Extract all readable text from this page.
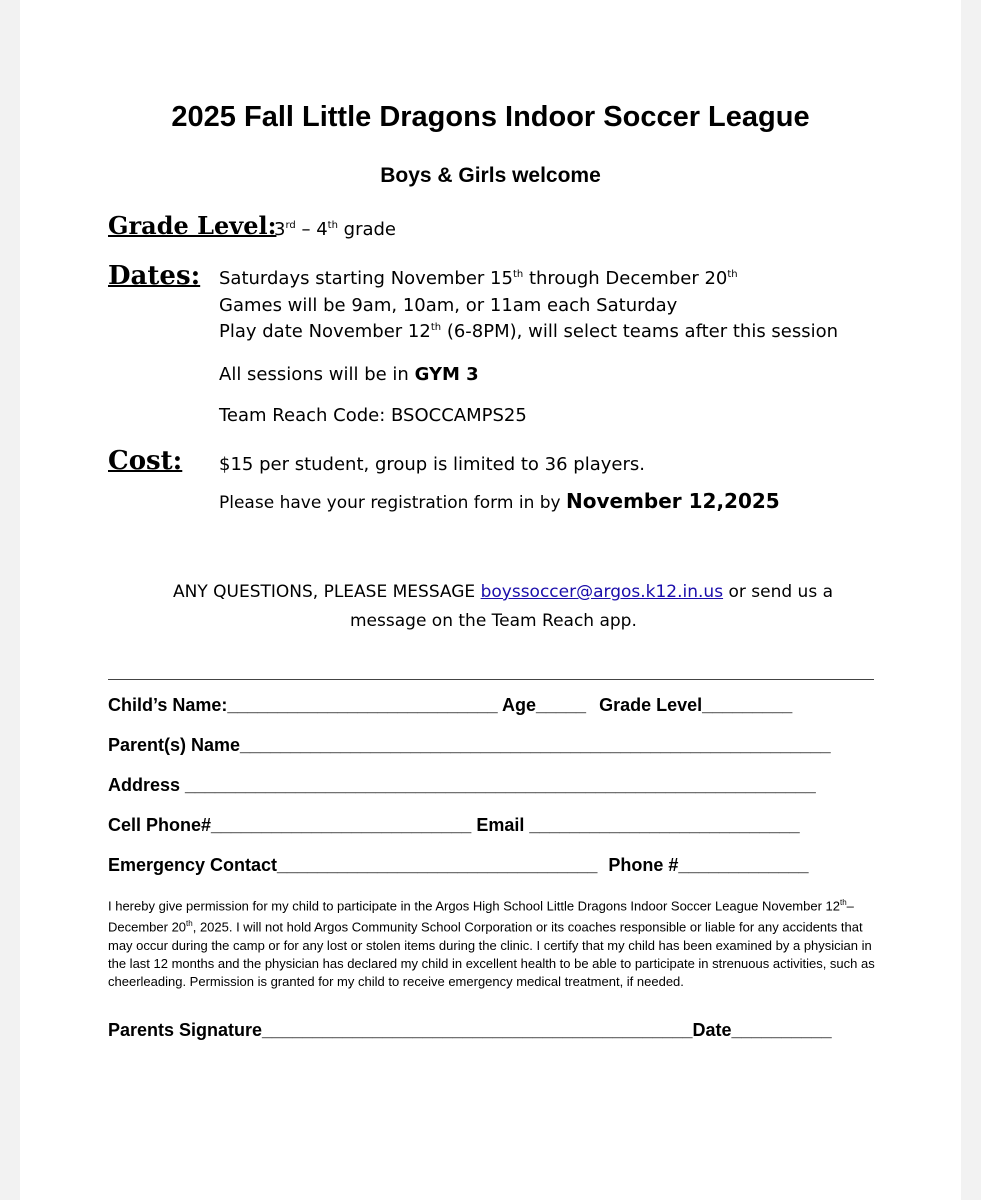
2025 Fall Little Dragons Indoor Soccer League
Boys & Girls welcome
Grade Level:
3rd – 4th grade
Dates: Saturdays starting November 15th through December 20th
Games will be 9am, 10am, or 11am each Saturday
Play date November 12th (6-8PM), will select teams after this session
All sessions will be in GYM 3
Team Reach Code: BSOCCAMPS25
Cost: $15 per student, group is limited to 36 players.
Please have your registration form in by November 12,2025
ANY QUESTIONS, PLEASE MESSAGE boyssoccer@argos.k12.in.us or send us a
message on the Team Reach app.
Child’s Name:___________________________ Age_____ Grade Level_________
Parent(s) Name___________________________________________________________
Address _______________________________________________________________
Cell Phone#__________________________ Email ___________________________
Emergency Contact________________________________ Phone #_____________
I hereby give permission for my child to participate in the Argos High School Little Dragons Indoor Soccer League November 12th–December 20th, 2025. I will not hold Argos Community School Corporation or its coaches responsible or liable for any accidents that may occur during the camp or for any lost or stolen items during the clinic. I certify that my child has been examined by a physician in the last 12 months and the physician has declared my child in excellent health to be able to participate in strenuous activities, such as cheerleading. Permission is granted for my child to receive emergency medical treatment, if needed.
Parents Signature___________________________________________Date__________
